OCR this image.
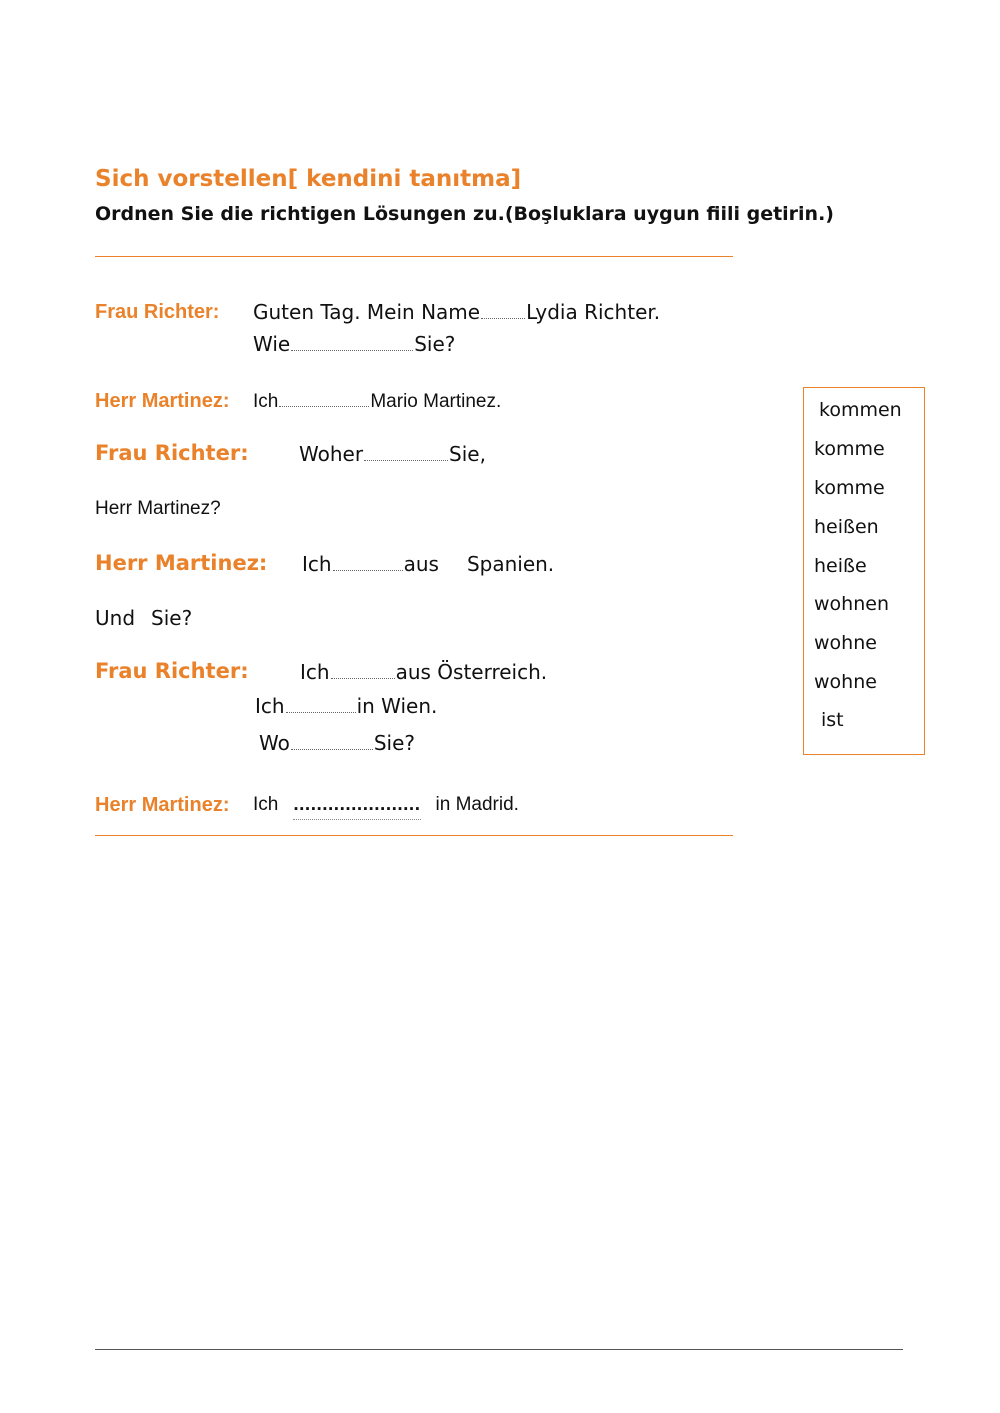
Sich vorstellen[ kendini tanıtma]
Ordnen Sie die richtigen Lösungen zu.(Boşluklara uygun fiili getirin.)
Frau Richter: Guten Tag. Mein Name Lydia Richter.
Wie	Sie?
Herr Martinez: Ich	Mario Martinez.
Frau Richter:	Woher	Sie,
Herr Martinez?
Herr Martinez: Ich	aus Spanien.
Und Sie?
Frau Richter:	Ich	aus Österreich.
Ich	in Wien.
Wo	Sie?
Herr Martinez: Ich ...................... in Madrid.
kommen
komme
komme
heißen
heiße
wohnen
wohne
wohne
ist
